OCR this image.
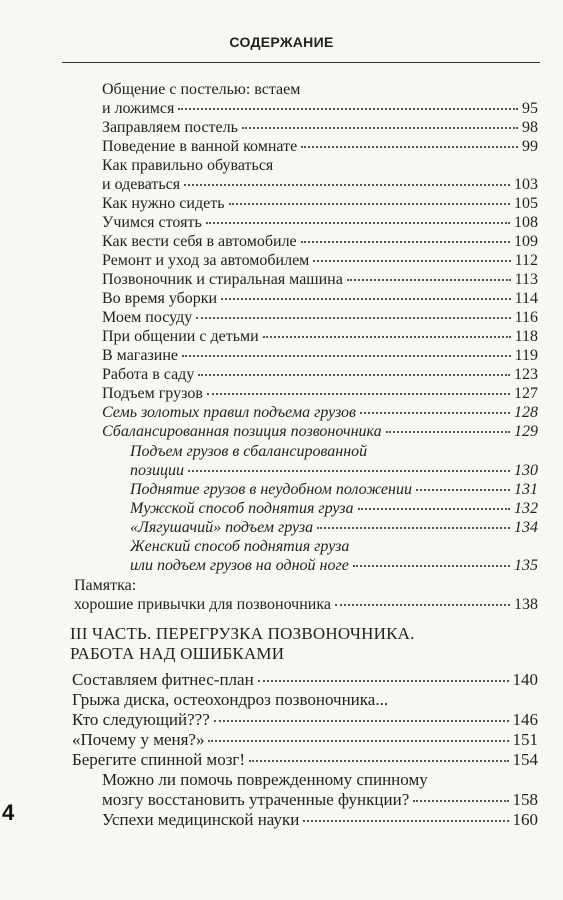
СОДЕРЖАНИЕ
Общение с постелью: встаем
и ложимся	95
Заправляем постель	98
Поведение в ванной комнате	99
Как правильно обуваться
и одеваться	103
Как нужно сидеть	105
Учимся стоять	108
Как вести себя в автомобиле	109
Ремонт и уход за автомобилем	112
Позвоночник и стиральная машина	113
Во время уборки	114
Моем посуду	116
При общении с детьми	118
В магазине	119
Работа в саду	123
Подъем грузов	127
Семь золотых правил подъема грузов	128
Сбалансированная позиция позвоночника	129
Подъем грузов в сбалансированной
позиции	130
Поднятие грузов в неудобном положении	131
Мужской способ поднятия груза	132
«Лягушачий» подъем груза	134
Женский способ поднятия груза
или подъем грузов на одной ноге	135
Памятка:
хорошие привычки для позвоночника	138
III ЧАСТЬ. ПЕРЕГРУЗКА ПОЗВОНОЧНИКА.
РАБОТА НАД ОШИБКАМИ
Составляем фитнес-план	140
Грыжа диска, остеохондроз позвоночника...
Кто следующий???	146
«Почему у меня?»	151
Берегите спинной мозг!	154
Можно ли помочь поврежденному спинному
мозгу восстановить утраченные функции?	158
Успехи медицинской науки	160
4
